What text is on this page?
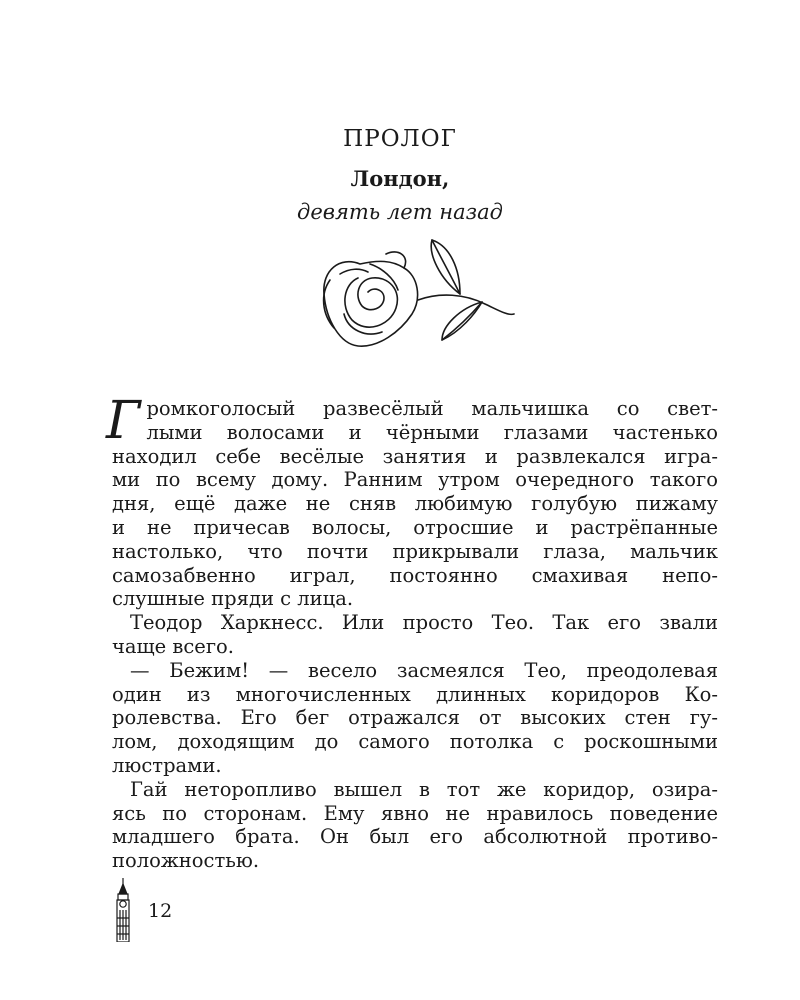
ПРОЛОГ
Лондон,
девять лет назад
Г ромкоголосый развесёлый мальчишка со свет-
лыми волосами и чёрными глазами частенько
находил себе весёлые занятия и развлекался игра-
ми по всему дому. Ранним утром очередного такого
дня, ещё даже не сняв любимую голубую пижаму
и не причесав волосы, отросшие и растрёпанные
настолько, что почти прикрывали глаза, мальчик
самозабвенно играл, постоянно смахивая непо-
слушные пряди с лица.
Теодор Харкнесс. Или просто Тео. Так его звали
чаще всего.
— Бежим! — весело засмеялся Тео, преодолевая
один из многочисленных длинных коридоров Ко-
ролевства. Его бег отражался от высоких стен гу-
лом, доходящим до самого потолка с роскошными
люстрами.
Гай неторопливо вышел в тот же коридор, озира-
ясь по сторонам. Ему явно не нравилось поведение
младшего брата. Он был его абсолютной противо-
положностью.
12
